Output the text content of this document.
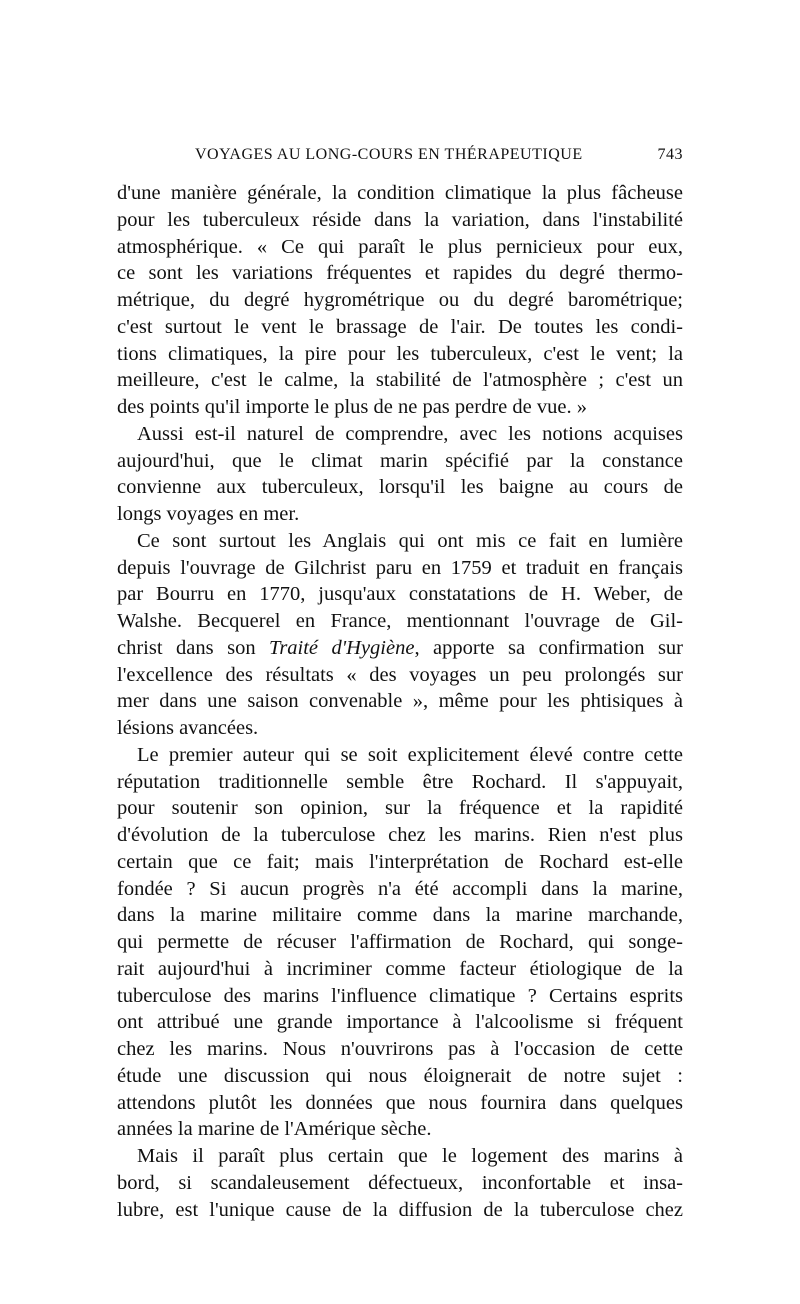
VOYAGES AU LONG-COURS EN THÉRAPEUTIQUE	743
d'une manière générale, la condition climatique la plus fâcheuse
pour les tuberculeux réside dans la variation, dans l'instabilité
atmosphérique. « Ce qui paraît le plus pernicieux pour eux,
ce sont les variations fréquentes et rapides du degré thermo-
métrique, du degré hygrométrique ou du degré barométrique;
c'est surtout le vent le brassage de l'air. De toutes les condi-
tions climatiques, la pire pour les tuberculeux, c'est le vent; la
meilleure, c'est le calme, la stabilité de l'atmosphère ; c'est un
des points qu'il importe le plus de ne pas perdre de vue. »
Aussi est-il naturel de comprendre, avec les notions acquises
aujourd'hui, que le climat marin spécifié par la constance
convienne aux tuberculeux, lorsqu'il les baigne au cours de
longs voyages en mer.
Ce sont surtout les Anglais qui ont mis ce fait en lumière
depuis l'ouvrage de Gilchrist paru en 1759 et traduit en français
par Bourru en 1770, jusqu'aux constatations de H. Weber, de
Walshe. Becquerel en France, mentionnant l'ouvrage de Gil-
christ dans son Traité d'Hygiène, apporte sa confirmation sur
l'excellence des résultats « des voyages un peu prolongés sur
mer dans une saison convenable », même pour les phtisiques à
lésions avancées.
Le premier auteur qui se soit explicitement élevé contre cette
réputation traditionnelle semble être Rochard. Il s'appuyait,
pour soutenir son opinion, sur la fréquence et la rapidité
d'évolution de la tuberculose chez les marins. Rien n'est plus
certain que ce fait; mais l'interprétation de Rochard est-elle
fondée ? Si aucun progrès n'a été accompli dans la marine,
dans la marine militaire comme dans la marine marchande,
qui permette de récuser l'affirmation de Rochard, qui songe-
rait aujourd'hui à incriminer comme facteur étiologique de la
tuberculose des marins l'influence climatique ? Certains esprits
ont attribué une grande importance à l'alcoolisme si fréquent
chez les marins. Nous n'ouvrirons pas à l'occasion de cette
étude une discussion qui nous éloignerait de notre sujet :
attendons plutôt les données que nous fournira dans quelques
années la marine de l'Amérique sèche.
Mais il paraît plus certain que le logement des marins à
bord, si scandaleusement défectueux, inconfortable et insa-
lubre, est l'unique cause de la diffusion de la tuberculose chez
